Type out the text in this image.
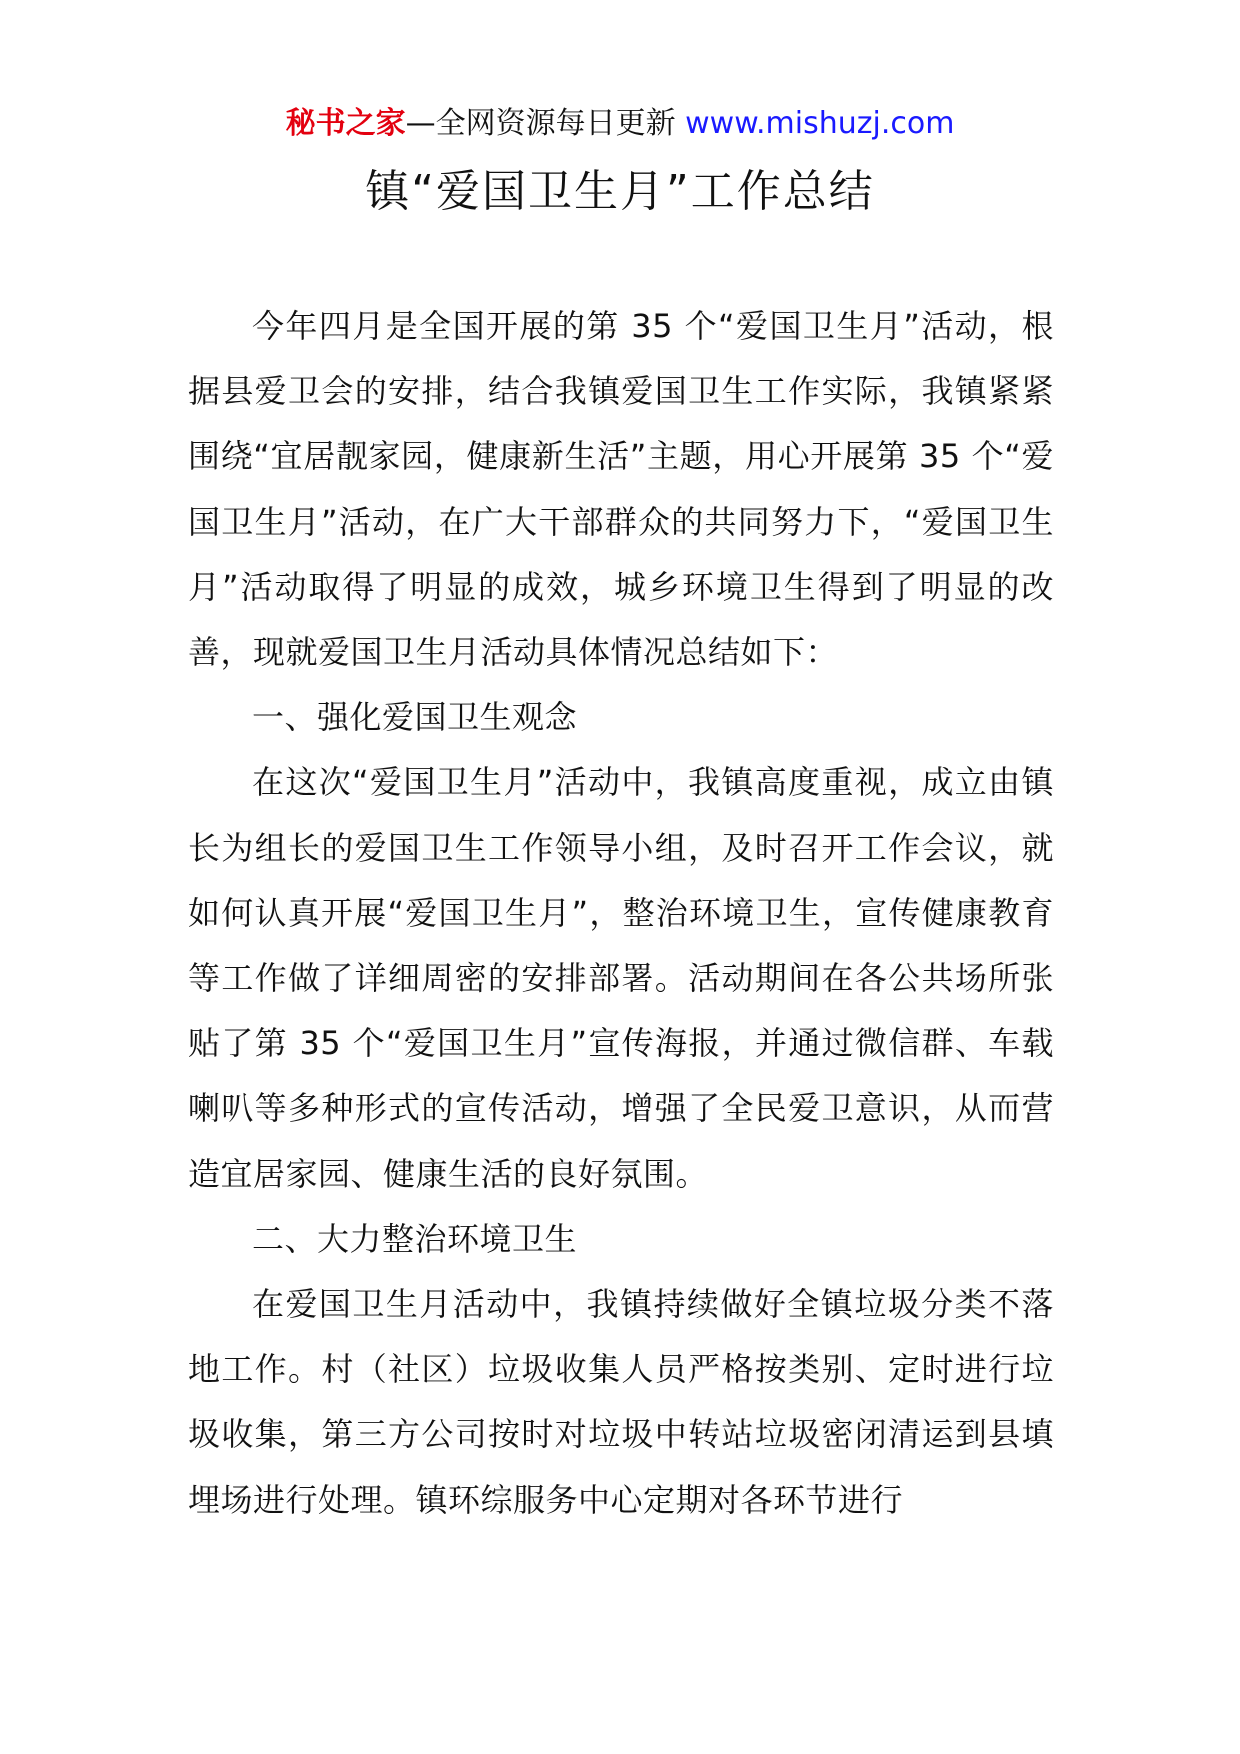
秘书之家—全网资源每日更新 www.mishuzj.com
镇“爱国卫生月”工作总结

今年四月是全国开展的第 35 个“爱国卫生月”活动，根据县爱卫会的安排，结合我镇爱国卫生工作实际，我镇紧紧围绕“宜居靓家园，健康新生活”主题，用心开展第 35 个“爱国卫生月”活动，在广大干部群众的共同努力下，“爱国卫生月”活动取得了明显的成效，城乡环境卫生得到了明显的改善，现就爱国卫生月活动具体情况总结如下：

一、强化爱国卫生观念

在这次“爱国卫生月”活动中，我镇高度重视，成立由镇长为组长的爱国卫生工作领导小组，及时召开工作会议，就如何认真开展“爱国卫生月”，整治环境卫生，宣传健康教育等工作做了详细周密的安排部署。活动期间在各公共场所张贴了第 35 个“爱国卫生月”宣传海报，并通过微信群、车载喇叭等多种形式的宣传活动，增强了全民爱卫意识，从而营造宜居家园、健康生活的良好氛围。

二、大力整治环境卫生

在爱国卫生月活动中，我镇持续做好全镇垃圾分类不落地工作。村（社区）垃圾收集人员严格按类别、定时进行垃圾收集，第三方公司按时对垃圾中转站垃圾密闭清运到县填埋场进行处理。镇环综服务中心定期对各环节进行
